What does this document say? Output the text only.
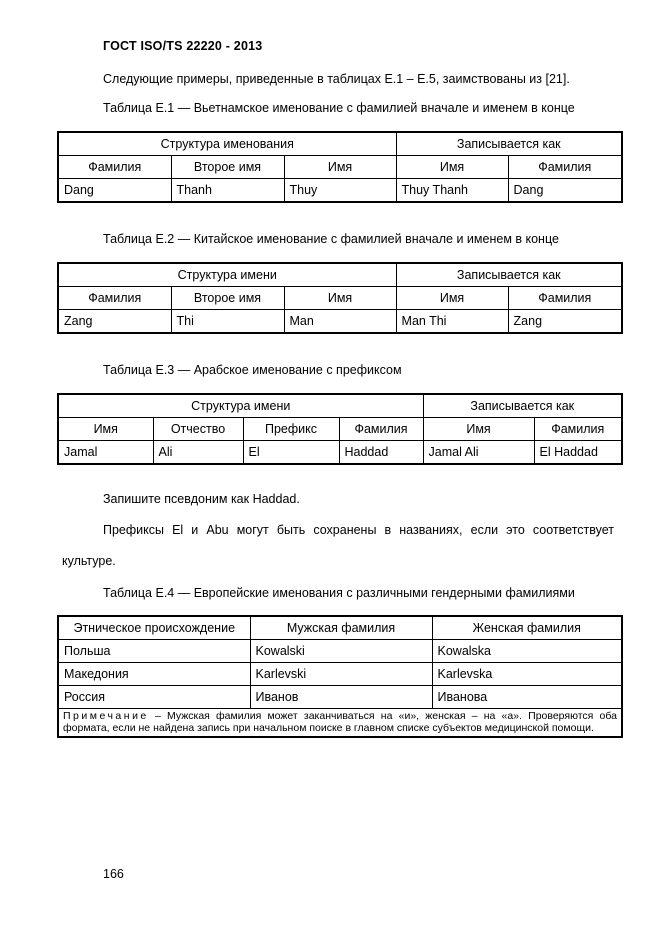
ГОСТ ISO/TS 22220 - 2013
Следующие примеры, приведенные в таблицах Е.1 – Е.5, заимствованы из [21].
Таблица Е.1 — Вьетнамское именование с фамилией вначале и именем в конце
Структура именования			Записывается как	
Фамилия	Второе имя	Имя	Имя	Фамилия
Dang	Thanh	Thuy	Thuy Thanh	Dang
Таблица Е.2 — Китайское именование с фамилией вначале и именем в конце
Структура имени			Записывается как	
Фамилия	Второе имя	Имя	Имя	Фамилия
Zang	Thi	Man	Man Thi	Zang
Таблица Е.3 — Арабское именование с префиксом
Структура имени				Записывается как	
Имя	Отчество	Префикс	Фамилия	Имя	Фамилия
Jamal	Ali	El	Haddad	Jamal Ali	El Haddad
Запишите псевдоним как Haddad.
Префиксы El и Abu могут быть сохранены в названиях, если это соответствует
культуре.
Таблица Е.4 — Европейские именования с различными гендерными фамилиями
Этническое происхождение	Мужская фамилия	Женская фамилия
Польша	Kowalski	Kowalska
Македония	Karlevski	Karlevska
Россия	Иванов	Иванова
Примечание – Мужская фамилия может заканчиваться на «и», женская – на «а». Проверяются оба формата, если не найдена запись при начальном поиске в главном списке субъектов медицинской помощи.		
166
